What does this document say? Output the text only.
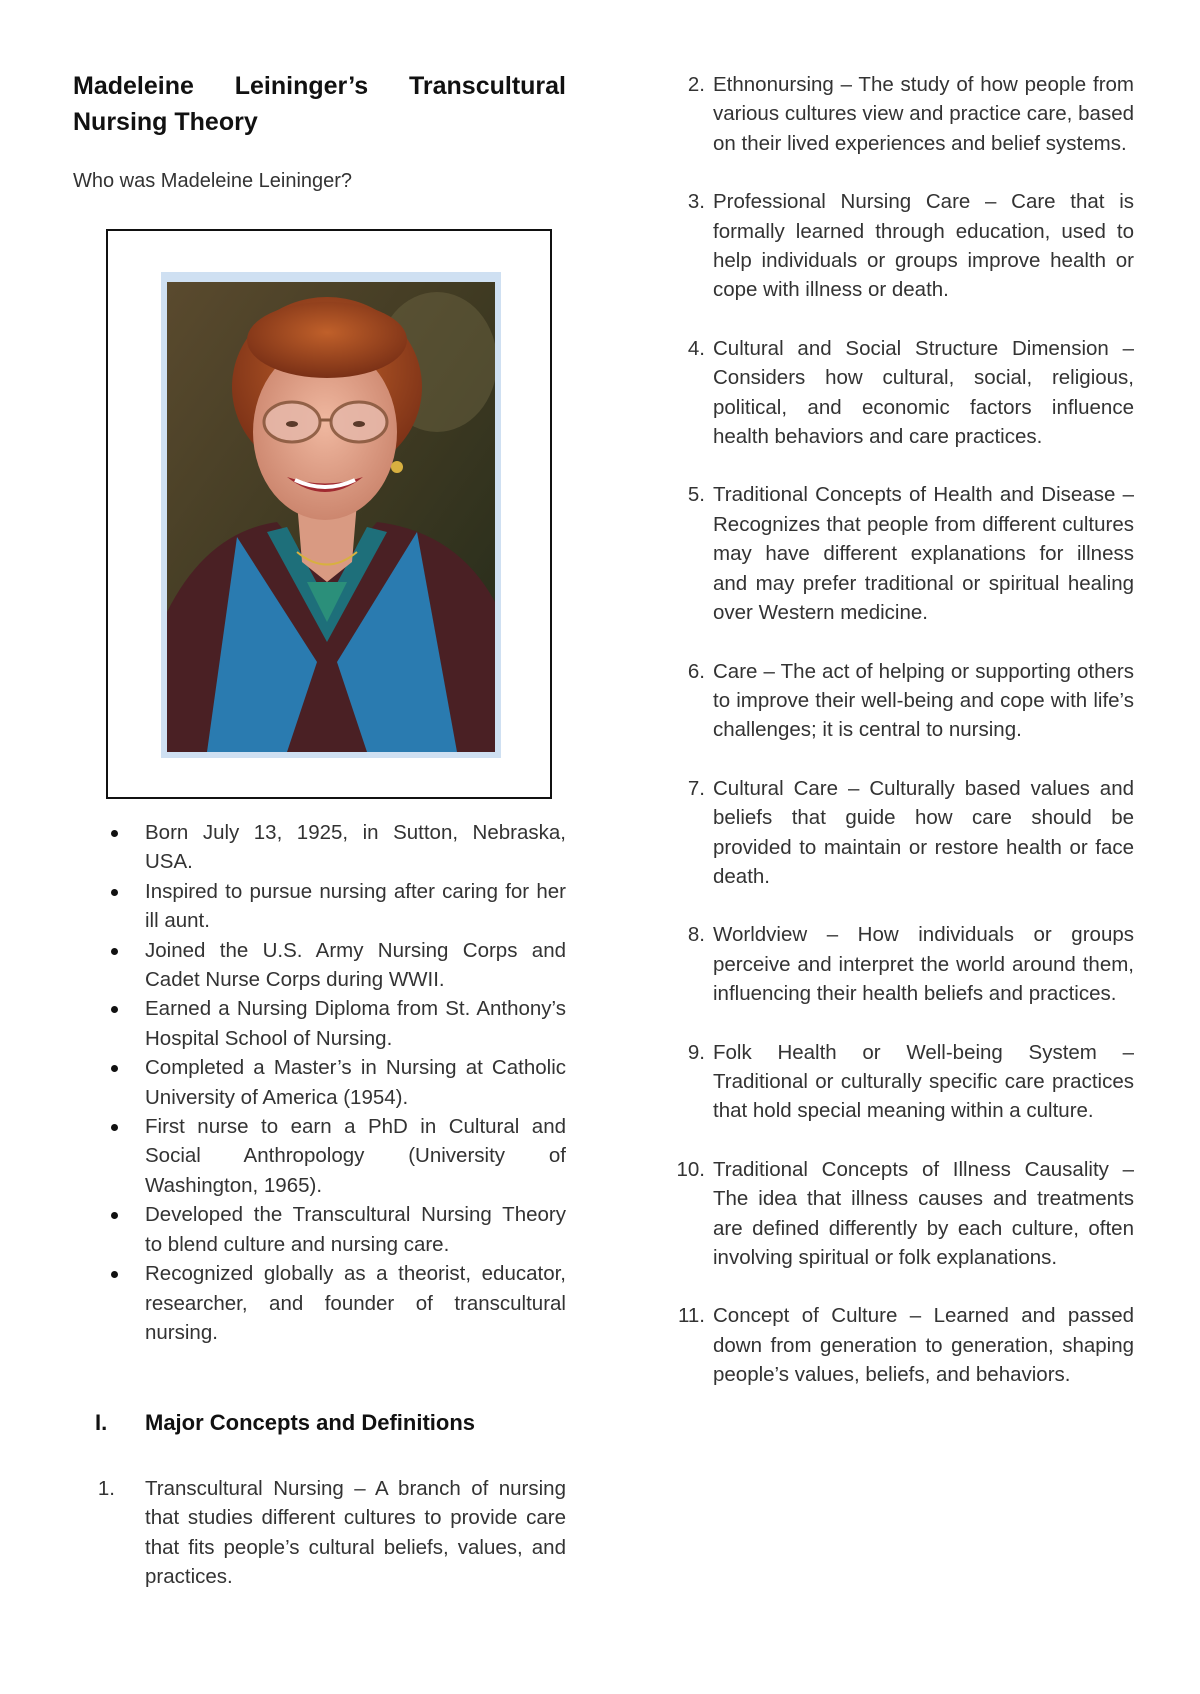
Madeleine Leininger’s Transcultural Nursing Theory

Who was Madeleine Leininger?

Born July 13, 1925, in Sutton, Nebraska, USA.
Inspired to pursue nursing after caring for her ill aunt.
Joined the U.S. Army Nursing Corps and Cadet Nurse Corps during WWII.
Earned a Nursing Diploma from St. Anthony’s Hospital School of Nursing.
Completed a Master’s in Nursing at Catholic University of America (1954).
First nurse to earn a PhD in Cultural and Social Anthropology (University of Washington, 1965).
Developed the Transcultural Nursing Theory to blend culture and nursing care.
Recognized globally as a theorist, educator, researcher, and founder of transcultural nursing.
I. Major Concepts and Definitions
1. Transcultural Nursing – A branch of nursing that studies different cultures to provide care that fits people’s cultural beliefs, values, and practices.
2. Ethnonursing – The study of how people from various cultures view and practice care, based on their lived experiences and belief systems.
3. Professional Nursing Care – Care that is formally learned through education, used to help individuals or groups improve health or cope with illness or death.
4. Cultural and Social Structure Dimension – Considers how cultural, social, religious, political, and economic factors influence health behaviors and care practices.
5. Traditional Concepts of Health and Disease – Recognizes that people from different cultures may have different explanations for illness and may prefer traditional or spiritual healing over Western medicine.
6. Care – The act of helping or supporting others to improve their well-being and cope with life’s challenges; it is central to nursing.
7. Cultural Care – Culturally based values and beliefs that guide how care should be provided to maintain or restore health or face death.
8. Worldview – How individuals or groups perceive and interpret the world around them, influencing their health beliefs and practices.
9. Folk Health or Well-being System – Traditional or culturally specific care practices that hold special meaning within a culture.
10. Traditional Concepts of Illness Causality – The idea that illness causes and treatments are defined differently by each culture, often involving spiritual or folk explanations.
11. Concept of Culture – Learned and passed down from generation to generation, shaping people’s values, beliefs, and behaviors.
